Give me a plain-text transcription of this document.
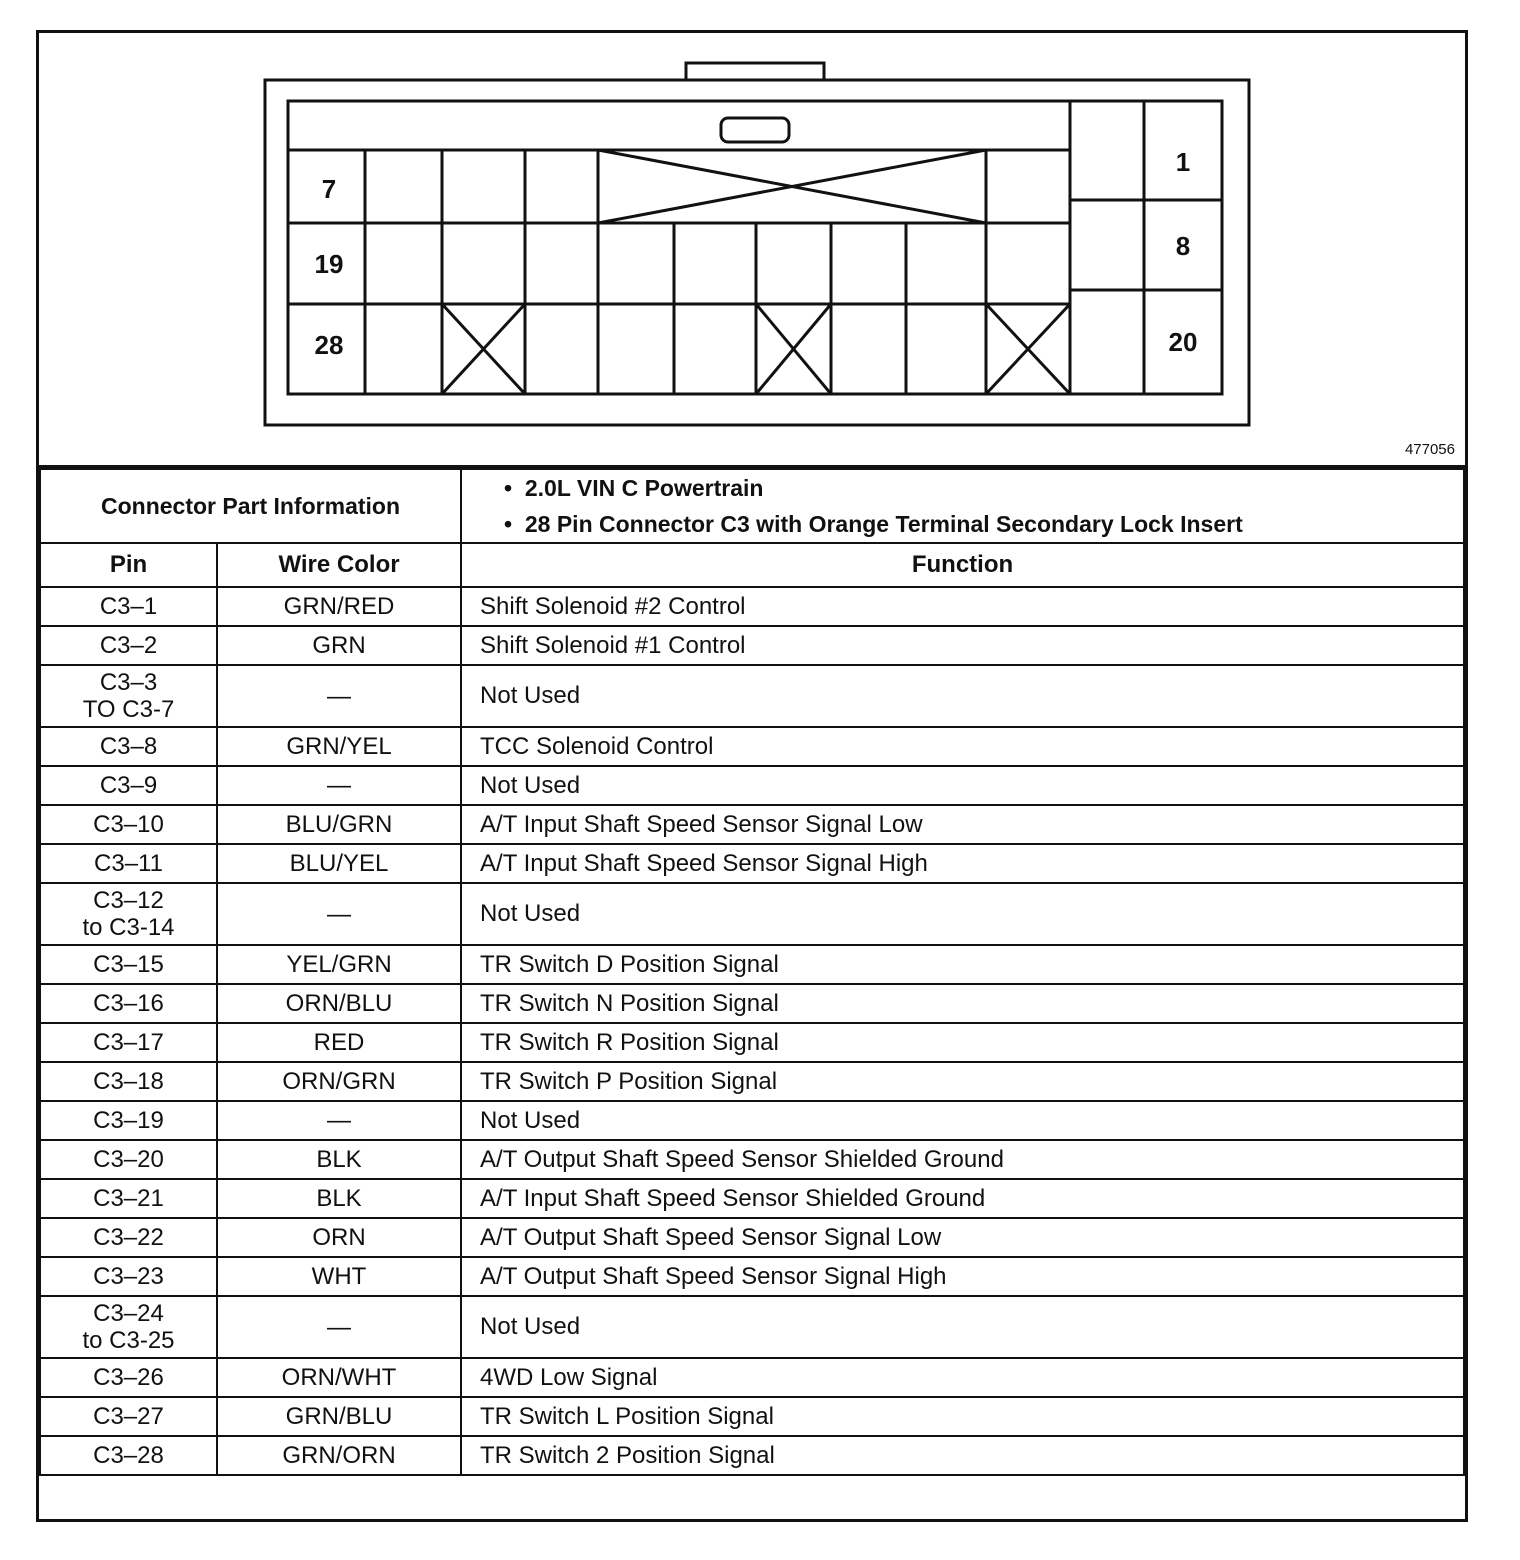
7
19
28
1
8
20
477056
Connector Part Information		•  2.0L VIN C Powertrain
•  28 Pin Connector C3 with Orange Terminal Secondary Lock Insert

Pin	Wire Color	Function

C3–1	GRN/RED	Shift Solenoid #2 Control

C3–2	GRN	Shift Solenoid #1 Control

C3–3
TO C3-7	—	Not Used

C3–8	GRN/YEL	TCC Solenoid Control

C3–9	—	Not Used

C3–10	BLU/GRN	A/T Input Shaft Speed Sensor Signal Low

C3–11	BLU/YEL	A/T Input Shaft Speed Sensor Signal High

C3–12
to C3-14	—	Not Used

C3–15	YEL/GRN	TR Switch D Position Signal

C3–16	ORN/BLU	TR Switch N Position Signal

C3–17	RED	TR Switch R Position Signal

C3–18	ORN/GRN	TR Switch P Position Signal

C3–19	—	Not Used

C3–20	BLK	A/T Output Shaft Speed Sensor Shielded Ground

C3–21	BLK	A/T Input Shaft Speed Sensor Shielded Ground

C3–22	ORN	A/T Output Shaft Speed Sensor Signal Low

C3–23	WHT	A/T Output Shaft Speed Sensor Signal High

C3–24
to C3-25	—	Not Used

C3–26	ORN/WHT	4WD Low Signal

C3–27	GRN/BLU	TR Switch L Position Signal

C3–28	GRN/ORN	TR Switch 2 Position Signal
